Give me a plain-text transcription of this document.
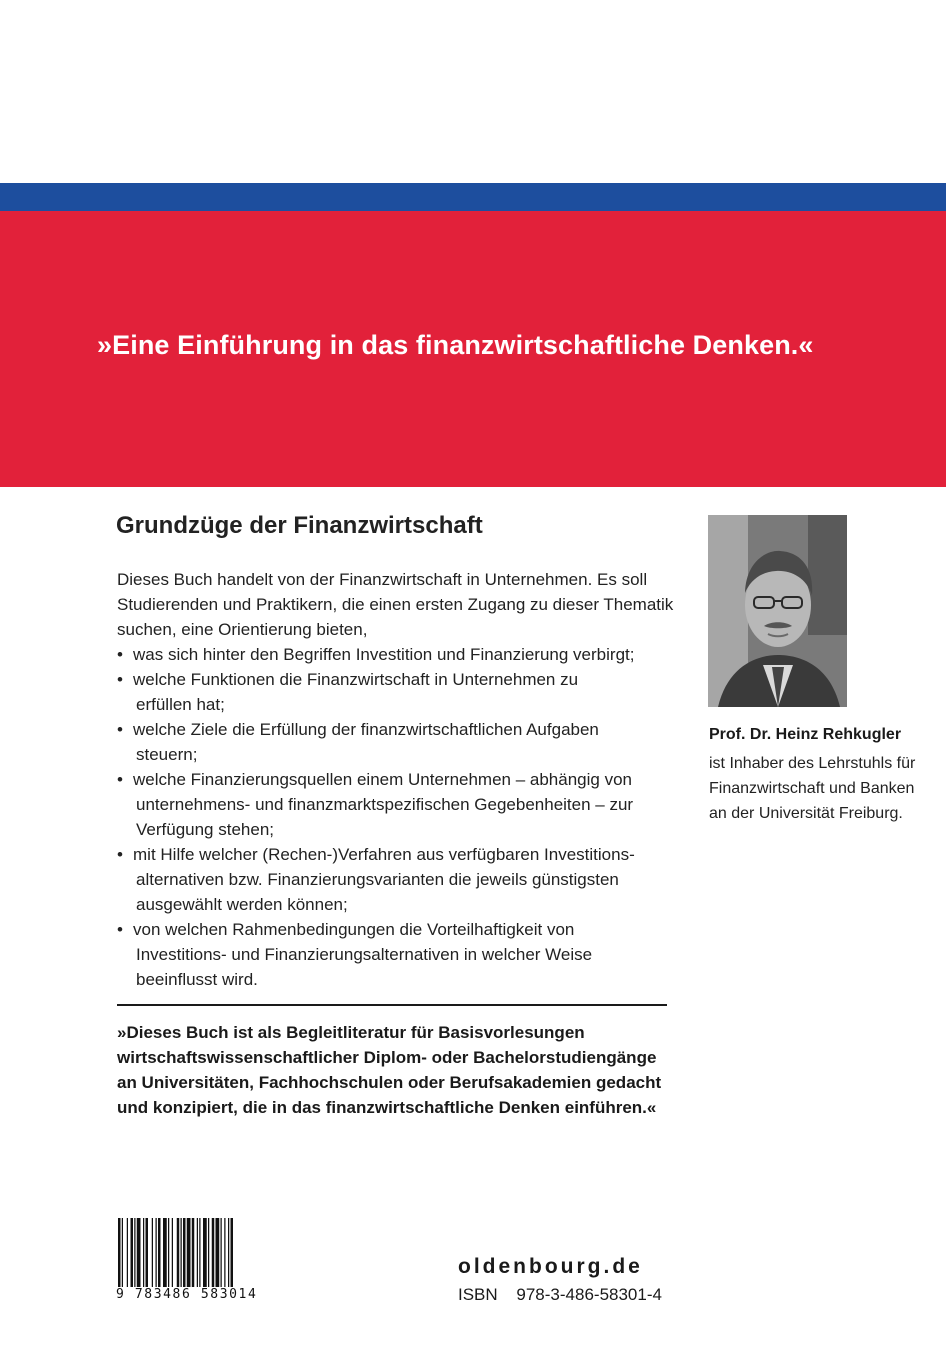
»Eine Einführung in das finanzwirtschaftliche Denken.«
Grundzüge der Finanzwirtschaft
Dieses Buch handelt von der Finanzwirtschaft in Unternehmen. Es soll Studierenden und Praktikern, die einen ersten Zugang zu dieser Thematik suchen, eine Orientierung bieten,
• was sich hinter den Begriffen Investition und Finanzierung verbirgt;
• welche Funktionen die Finanzwirtschaft in Unternehmen zu
erfüllen hat;
• welche Ziele die Erfüllung der finanzwirtschaftlichen Aufgaben
steuern;
• welche Finanzierungsquellen einem Unternehmen – abhängig von
unternehmens- und finanzmarktspezifischen Gegebenheiten – zur Verfügung stehen;
• mit Hilfe welcher (Rechen-)Verfahren aus verfügbaren Investitions-
alternativen bzw. Finanzierungsvarianten die jeweils günstigsten ausgewählt werden können;
• von welchen Rahmenbedingungen die Vorteilhaftigkeit von
Investitions- und Finanzierungsalternativen in welcher Weise beeinflusst wird.
»Dieses Buch ist als Begleitliteratur für Basisvorlesungen wirtschaftswissenschaftlicher Diplom- oder Bachelorstudiengänge an Universitäten, Fachhochschulen oder Berufsakademien gedacht und konzipiert, die in das finanzwirtschaftliche Denken einführen.«
Prof. Dr. Heinz Rehkugler
ist Inhaber des Lehrstuhls für Finanzwirtschaft und Banken an der Universität Freiburg.
9 783486 583014
oldenbourg.de
ISBN 978-3-486-58301-4
